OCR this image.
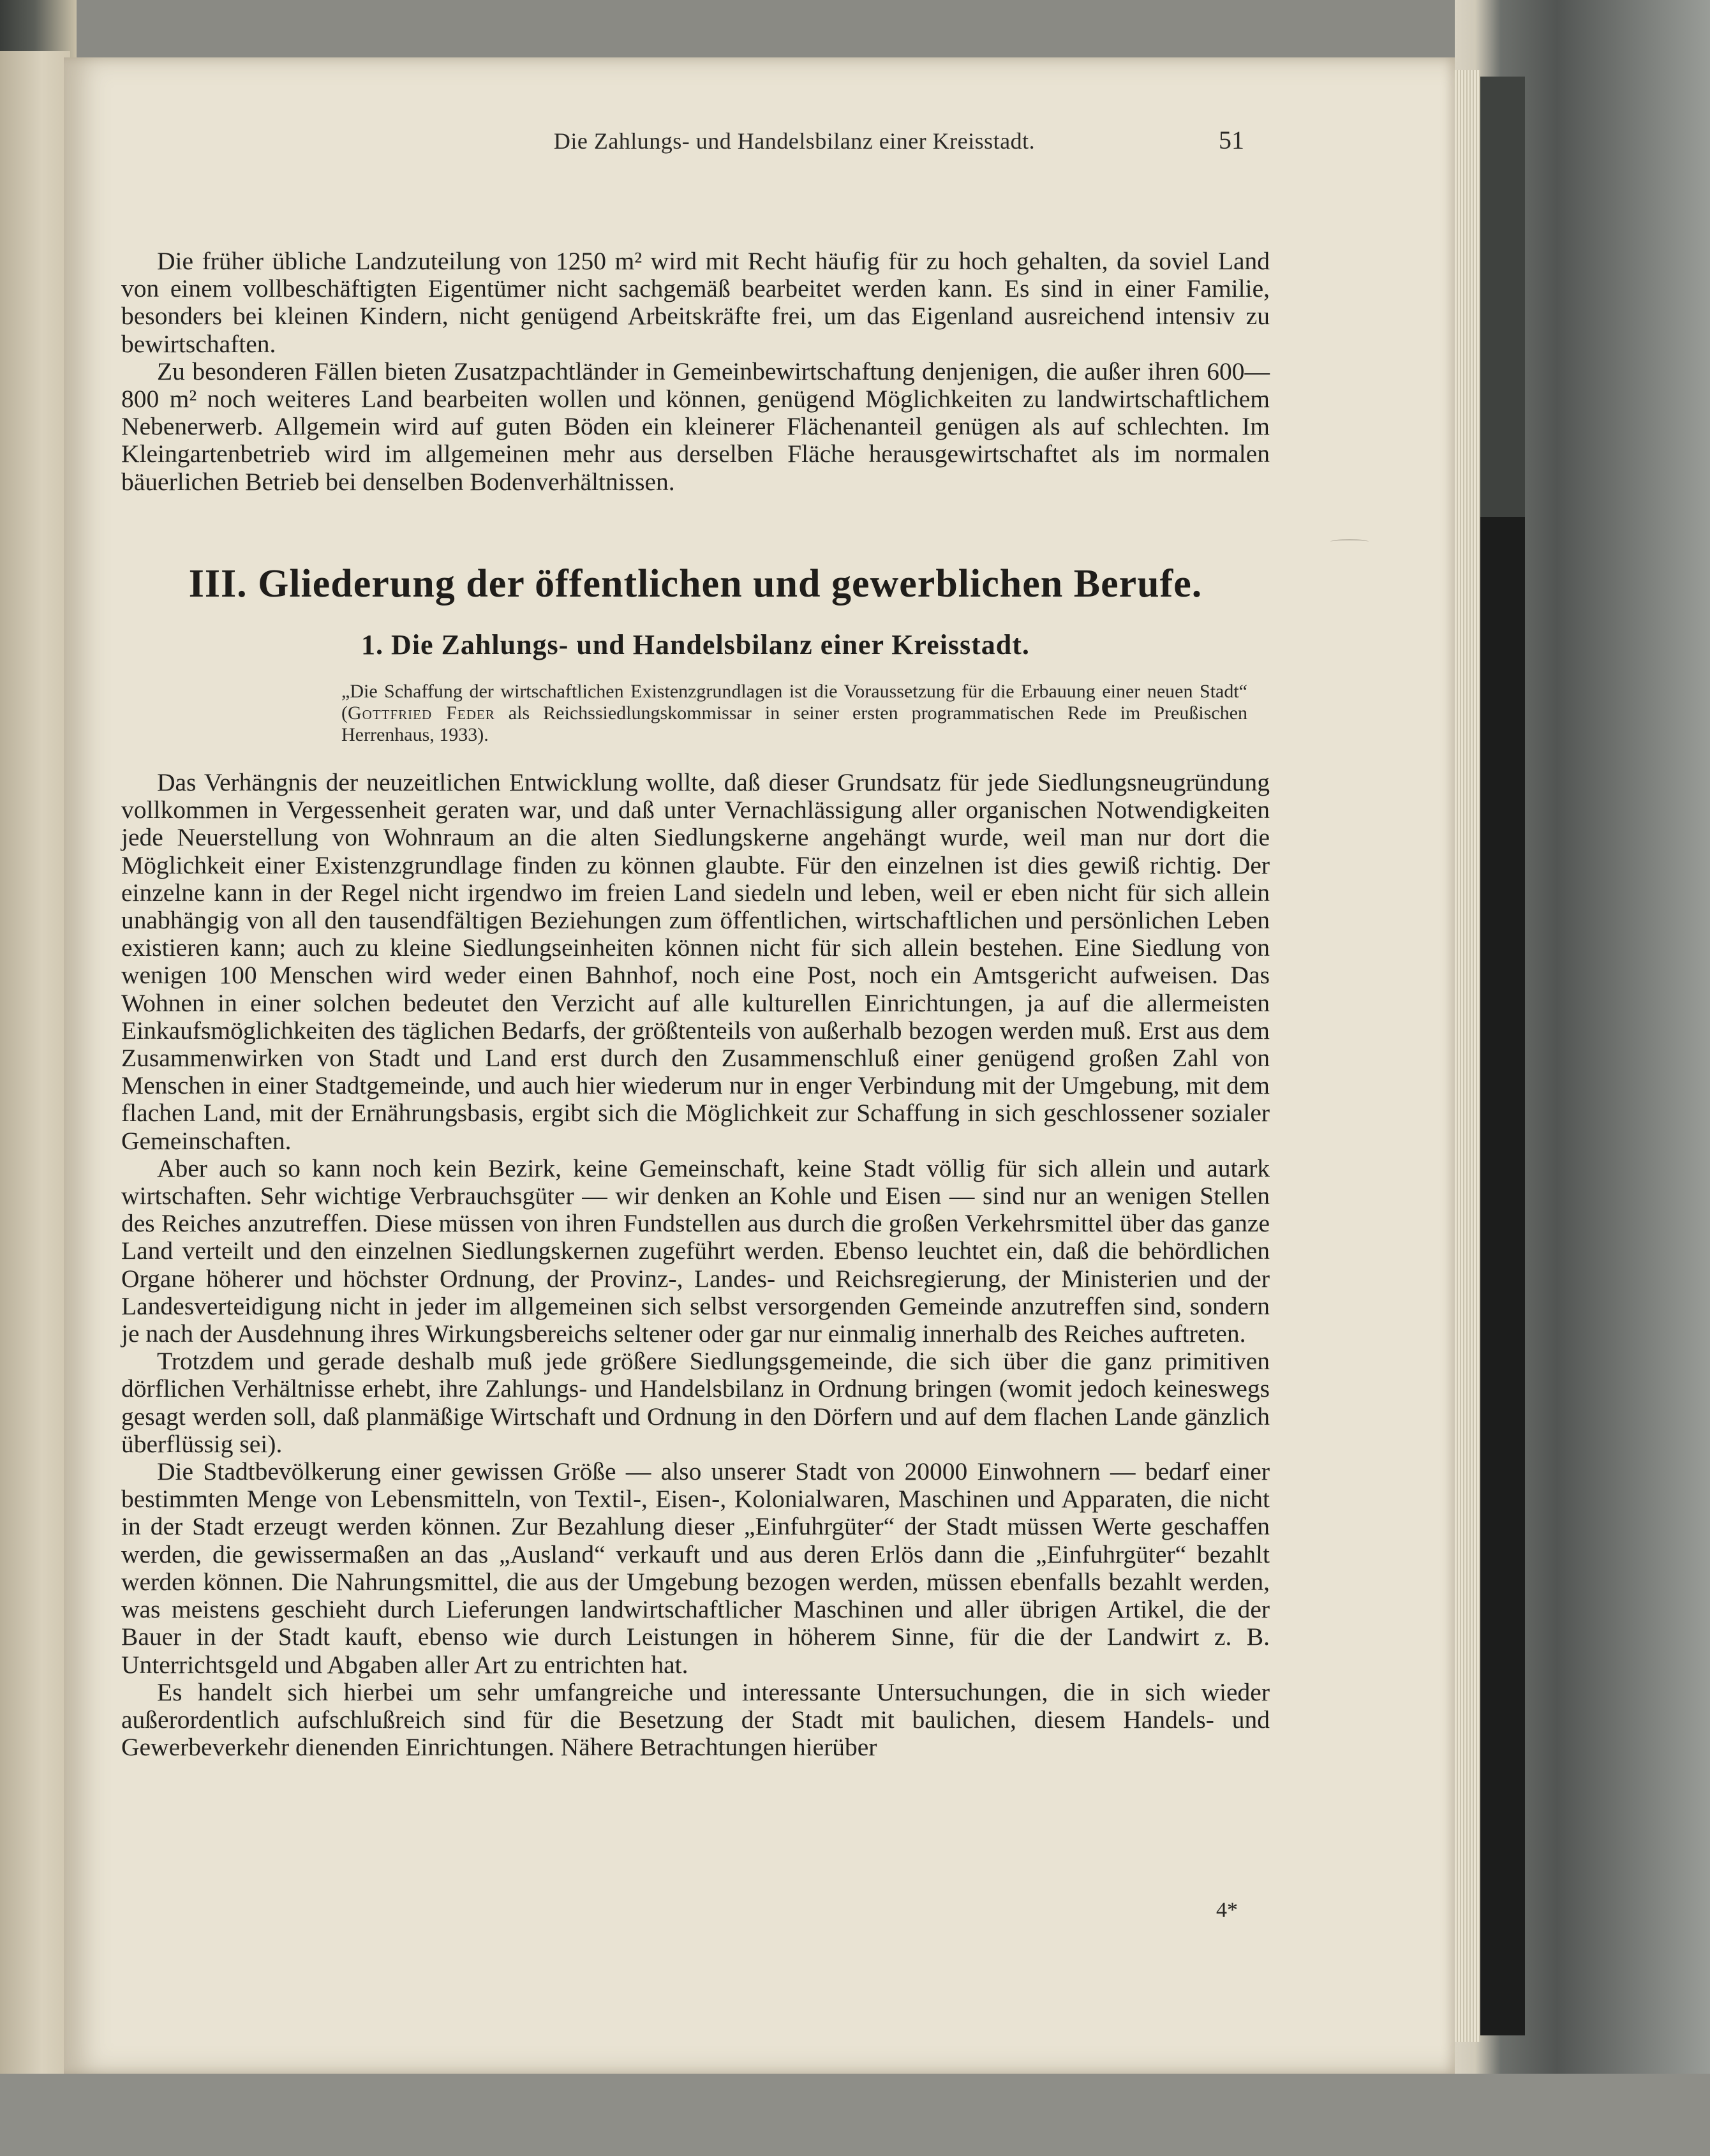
Die Zahlungs- und Handelsbilanz einer Kreisstadt.	51

Die früher übliche Landzuteilung von 1250 m² wird mit Recht häufig für zu hoch gehalten, da soviel Land von einem vollbeschäftigten Eigentümer nicht sachgemäß bearbeitet werden kann. Es sind in einer Familie, besonders bei kleinen Kindern, nicht genügend Arbeitskräfte frei, um das Eigenland ausreichend intensiv zu bewirtschaften.

Zu besonderen Fällen bieten Zusatzpachtländer in Gemeinbewirtschaftung denjenigen, die außer ihren 600—800 m² noch weiteres Land bearbeiten wollen und können, genügend Möglichkeiten zu landwirtschaftlichem Nebenerwerb. Allgemein wird auf guten Böden ein kleinerer Flächenanteil genügen als auf schlechten. Im Kleingartenbetrieb wird im allgemeinen mehr aus derselben Fläche herausgewirtschaftet als im normalen bäuerlichen Betrieb bei denselben Bodenverhältnissen.

III. Gliederung der öffentlichen und gewerblichen Berufe.
1. Die Zahlungs- und Handelsbilanz einer Kreisstadt.
„Die Schaffung der wirtschaftlichen Existenzgrundlagen ist die Voraussetzung für die Erbauung einer neuen Stadt“ (Gottfried Feder als Reichssiedlungskommissar in seiner ersten programmatischen Rede im Preußischen Herrenhaus, 1933).

Das Verhängnis der neuzeitlichen Entwicklung wollte, daß dieser Grundsatz für jede Siedlungsneugründung vollkommen in Vergessenheit geraten war, und daß unter Vernachlässigung aller organischen Notwendigkeiten jede Neuerstellung von Wohnraum an die alten Siedlungskerne angehängt wurde, weil man nur dort die Möglichkeit einer Existenzgrundlage finden zu können glaubte. Für den einzelnen ist dies gewiß richtig. Der einzelne kann in der Regel nicht irgendwo im freien Land siedeln und leben, weil er eben nicht für sich allein unabhängig von all den tausendfältigen Beziehungen zum öffentlichen, wirtschaftlichen und persönlichen Leben existieren kann; auch zu kleine Siedlungseinheiten können nicht für sich allein bestehen. Eine Siedlung von wenigen 100 Menschen wird weder einen Bahnhof, noch eine Post, noch ein Amtsgericht aufweisen. Das Wohnen in einer solchen bedeutet den Verzicht auf alle kulturellen Einrichtungen, ja auf die allermeisten Einkaufsmöglichkeiten des täglichen Bedarfs, der größtenteils von außerhalb bezogen werden muß. Erst aus dem Zusammenwirken von Stadt und Land erst durch den Zusammenschluß einer genügend großen Zahl von Menschen in einer Stadtgemeinde, und auch hier wiederum nur in enger Verbindung mit der Umgebung, mit dem flachen Land, mit der Ernährungsbasis, ergibt sich die Möglichkeit zur Schaffung in sich geschlossener sozialer Gemeinschaften.

Aber auch so kann noch kein Bezirk, keine Gemeinschaft, keine Stadt völlig für sich allein und autark wirtschaften. Sehr wichtige Verbrauchsgüter — wir denken an Kohle und Eisen — sind nur an wenigen Stellen des Reiches anzutreffen. Diese müssen von ihren Fundstellen aus durch die großen Verkehrsmittel über das ganze Land verteilt und den einzelnen Siedlungskernen zugeführt werden. Ebenso leuchtet ein, daß die behördlichen Organe höherer und höchster Ordnung, der Provinz-, Landes- und Reichsregierung, der Ministerien und der Landesverteidigung nicht in jeder im allgemeinen sich selbst versorgenden Gemeinde anzutreffen sind, sondern je nach der Ausdehnung ihres Wirkungsbereichs seltener oder gar nur einmalig innerhalb des Reiches auftreten.

Trotzdem und gerade deshalb muß jede größere Siedlungsgemeinde, die sich über die ganz primitiven dörflichen Verhältnisse erhebt, ihre Zahlungs- und Handelsbilanz in Ordnung bringen (womit jedoch keineswegs gesagt werden soll, daß planmäßige Wirtschaft und Ordnung in den Dörfern und auf dem flachen Lande gänzlich überflüssig sei).

Die Stadtbevölkerung einer gewissen Größe — also unserer Stadt von 20000 Einwohnern — bedarf einer bestimmten Menge von Lebensmitteln, von Textil-, Eisen-, Kolonialwaren, Maschinen und Apparaten, die nicht in der Stadt erzeugt werden können. Zur Bezahlung dieser „Einfuhrgüter“ der Stadt müssen Werte geschaffen werden, die gewissermaßen an das „Ausland“ verkauft und aus deren Erlös dann die „Einfuhrgüter“ bezahlt werden können. Die Nahrungsmittel, die aus der Umgebung bezogen werden, müssen ebenfalls bezahlt werden, was meistens geschieht durch Lieferungen landwirtschaftlicher Maschinen und aller übrigen Artikel, die der Bauer in der Stadt kauft, ebenso wie durch Leistungen in höherem Sinne, für die der Landwirt z. B. Unterrichtsgeld und Abgaben aller Art zu entrichten hat.

Es handelt sich hierbei um sehr umfangreiche und interessante Untersuchungen, die in sich wieder außerordentlich aufschlußreich sind für die Besetzung der Stadt mit baulichen, diesem Handels- und Gewerbeverkehr dienenden Einrichtungen. Nähere Betrachtungen hierüber

4*
